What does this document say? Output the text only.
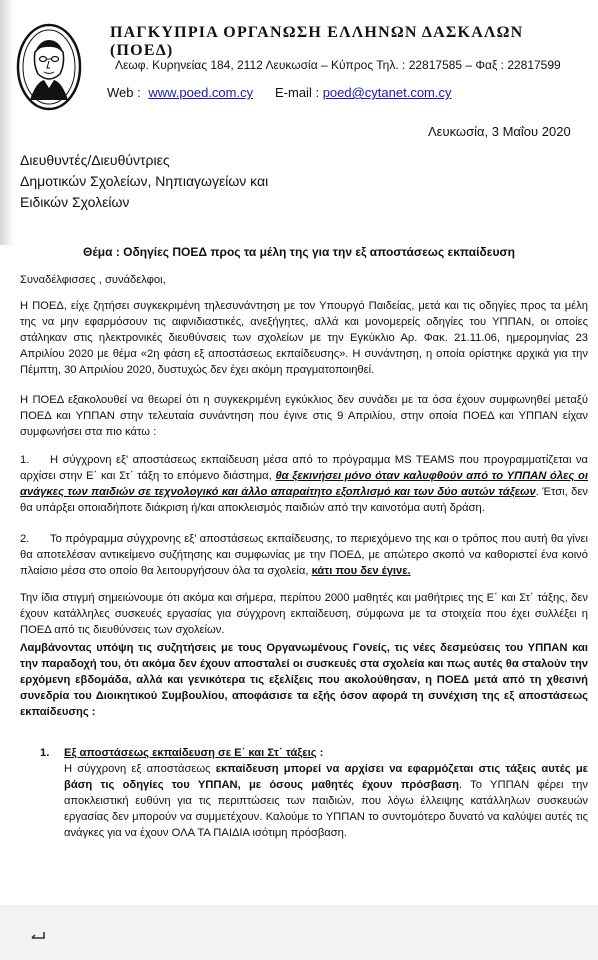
ΠΑΓΚΥΠΡΙΑ ΟΡΓΑΝΩΣΗ ΕΛΛΗΝΩΝ ΔΑΣΚΑΛΩΝ (ΠΟΕΔ)
Λεωφ. Κυρηνείας 184, 2112 Λευκωσία – Κύπρος Τηλ. : 22817585 – Φαξ : 22817599
Web : www.poed.com.cy E-mail : poed@cytanet.com.cy
Λευκωσία, 3 Μαΐου 2020
Διευθυντές/Διευθύντριες
Δημοτικών Σχολείων, Νηπιαγωγείων και
Ειδικών Σχολείων
Θέμα : Οδηγίες ΠΟΕΔ προς τα μέλη της για την εξ αποστάσεως εκπαίδευση
Συναδέλφισσες , συνάδελφοι,
Η ΠΟΕΔ, είχε ζητήσει συγκεκριμένη τηλεσυνάντηση με τον Υπουργό Παιδείας, μετά και τις οδηγίες προς τα μέλη της να μην εφαρμόσουν τις αιφνιδιαστικές, ανεξήγητες, αλλά και μονομερείς οδηγίες του ΥΠΠΑΝ, οι οποίες στάληκαν στις ηλεκτρονικές διευθύνσεις των σχολείων με την Εγκύκλιο Αρ. Φακ. 21.11.06, ημερομηνίας 23 Απριλίου 2020 με θέμα «2η φάση εξ αποστάσεως εκπαίδευσης». Η συνάντηση, η οποία ορίστηκε αρχικά για την Πέμπτη, 30 Απριλίου 2020, δυστυχώς δεν έχει ακόμη πραγματοποιηθεί.
Η ΠΟΕΔ εξακολουθεί να θεωρεί ότι η συγκεκριμένη εγκύκλιος δεν συνάδει με τα όσα έχουν συμφωνηθεί μεταξύ ΠΟΕΔ και ΥΠΠΑΝ στην τελευταία συνάντηση που έγινε στις 9 Απριλίου, στην οποία ΠΟΕΔ και ΥΠΠΑΝ είχαν συμφωνήσει στα πιο κάτω :
1. Η σύγχρονη εξ' αποστάσεως εκπαίδευση μέσα από το πρόγραμμα MS TEAMS που προγραμματίζεται να αρχίσει στην Ε΄ και Στ΄ τάξη το επόμενο διάστημα, θα ξεκινήσει μόνο όταν καλυφθούν από το ΥΠΠΑΝ όλες οι ανάγκες των παιδιών σε τεχνολογικό και άλλο απαραίτητο εξοπλισμό και των δύο αυτών τάξεων. Έτσι, δεν θα υπάρξει οποιαδήποτε διάκριση ή/και αποκλεισμός παιδιών από την καινοτόμα αυτή δράση.
2. Το πρόγραμμα σύγχρονης εξ' αποστάσεως εκπαίδευσης, το περιεχόμενο της και ο τρόπος που αυτή θα γίνει θα αποτελέσαν αντικείμενο συζήτησης και συμφωνίας με την ΠΟΕΔ, με απώτερο σκοπό να καθοριστεί ένα κοινό πλαίσιο μέσα στο οποίο θα λειτουργήσουν όλα τα σχολεία, κάτι που δεν έγινε.
Την ίδια στιγμή σημειώνουμε ότι ακόμα και σήμερα, περίπου 2000 μαθητές και μαθήτριες της Ε΄ και Στ΄ τάξης, δεν έχουν κατάλληλες συσκευές εργασίας για σύγχρονη εκπαίδευση, σύμφωνα με τα στοιχεία που έχει συλλέξει η ΠΟΕΔ από τις διευθύνσεις των σχολείων.
Λαμβάνοντας υπόψη τις συζητήσεις με τους Οργανωμένους Γονείς, τις νέες δεσμεύσεις του ΥΠΠΑΝ και την παραδοχή του, ότι ακόμα δεν έχουν αποσταλεί οι συσκευές στα σχολεία και πως αυτές θα σταλούν την ερχόμενη εβδομάδα, αλλά και γενικότερα τις εξελίξεις που ακολούθησαν, η ΠΟΕΔ μετά από τη χθεσινή συνεδρία του Διοικητικού Συμβουλίου, αποφάσισε τα εξής όσον αφορά τη συνέχιση της εξ αποστάσεως εκπαίδευσης :
1. Εξ αποστάσεως εκπαίδευση σε Ε΄ και Στ΄ τάξεις :
Η σύγχρονη εξ αποστάσεως εκπαίδευση μπορεί να αρχίσει να εφαρμόζεται στις τάξεις αυτές με βάση τις οδηγίες του ΥΠΠΑΝ, με όσους μαθητές έχουν πρόσβαση. Το ΥΠΠΑΝ φέρει την αποκλειστική ευθύνη για τις περιπτώσεις των παιδιών, που λόγω έλλειψης κατάλληλων συσκευών εργασίας δεν μπορούν να συμμετέχουν. Καλούμε το ΥΠΠΑΝ το συντομότερο δυνατό να καλύψει αυτές τις ανάγκες για να έχουν ΟΛΑ ΤΑ ΠΑΙΔΙΑ ισότιμη πρόσβαση.
